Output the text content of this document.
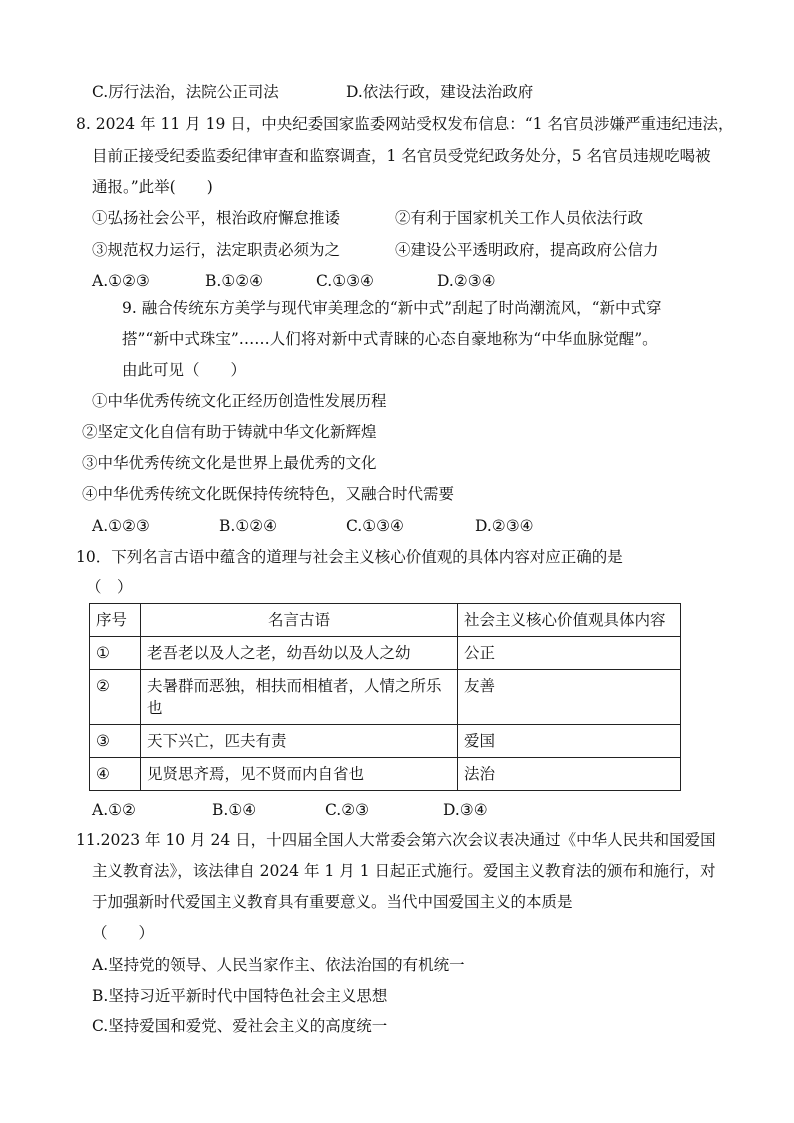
C.厉行法治，法院公正司法	D.依法行政，建设法治政府
8. 2024 年 11 月 19 日，中央纪委国家监委网站受权发布信息：“1 名官员涉嫌严重违纪违法，
目前正接受纪委监委纪律审查和监察调查，1 名官员受党纪政务处分，5 名官员违规吃喝被
通报。”此举(　　)
①弘扬社会公平，根治政府懈怠推诿	②有利于国家机关工作人员依法行政
③规范权力运行，法定职责必须为之	④建设公平透明政府，提高政府公信力
A.①②③	B.①②④	C.①③④	D.②③④
9. 融合传统东方美学与现代审美理念的“新中式”刮起了时尚潮流风，“新中式穿
搭”“新中式珠宝”……人们将对新中式青睐的心态自豪地称为“中华血脉觉醒”。
由此可见（　　）
①中华优秀传统文化正经历创造性发展历程
②坚定文化自信有助于铸就中华文化新辉煌
③中华优秀传统文化是世界上最优秀的文化
④中华优秀传统文化既保持传统特色，又融合时代需要
A.①②③	B.①②④	C.①③④	D.②③④
10．下列名言古语中蕴含的道理与社会主义核心价值观的具体内容对应正确的是
（　）
序号	名言古语	社会主义核心价值观具体内容
①	老吾老以及人之老，幼吾幼以及人之幼	公正
②	夫暑群而恶独，相扶而相植者，人情之所乐也	友善
③	天下兴亡，匹夫有责	爱国
④	见贤思齐焉，见不贤而内自省也	法治
A.①②	B.①④	C.②③	D.③④
11.2023 年 10 月 24 日，十四届全国人大常委会第六次会议表决通过《中华人民共和国爱国
主义教育法》，该法律自 2024 年 1 月 1 日起正式施行。爱国主义教育法的颁布和施行，对
于加强新时代爱国主义教育具有重要意义。当代中国爱国主义的本质是
（　　）
A.坚持党的领导、人民当家作主、依法治国的有机统一
B.坚持习近平新时代中国特色社会主义思想
C.坚持爱国和爱党、爱社会主义的高度统一
